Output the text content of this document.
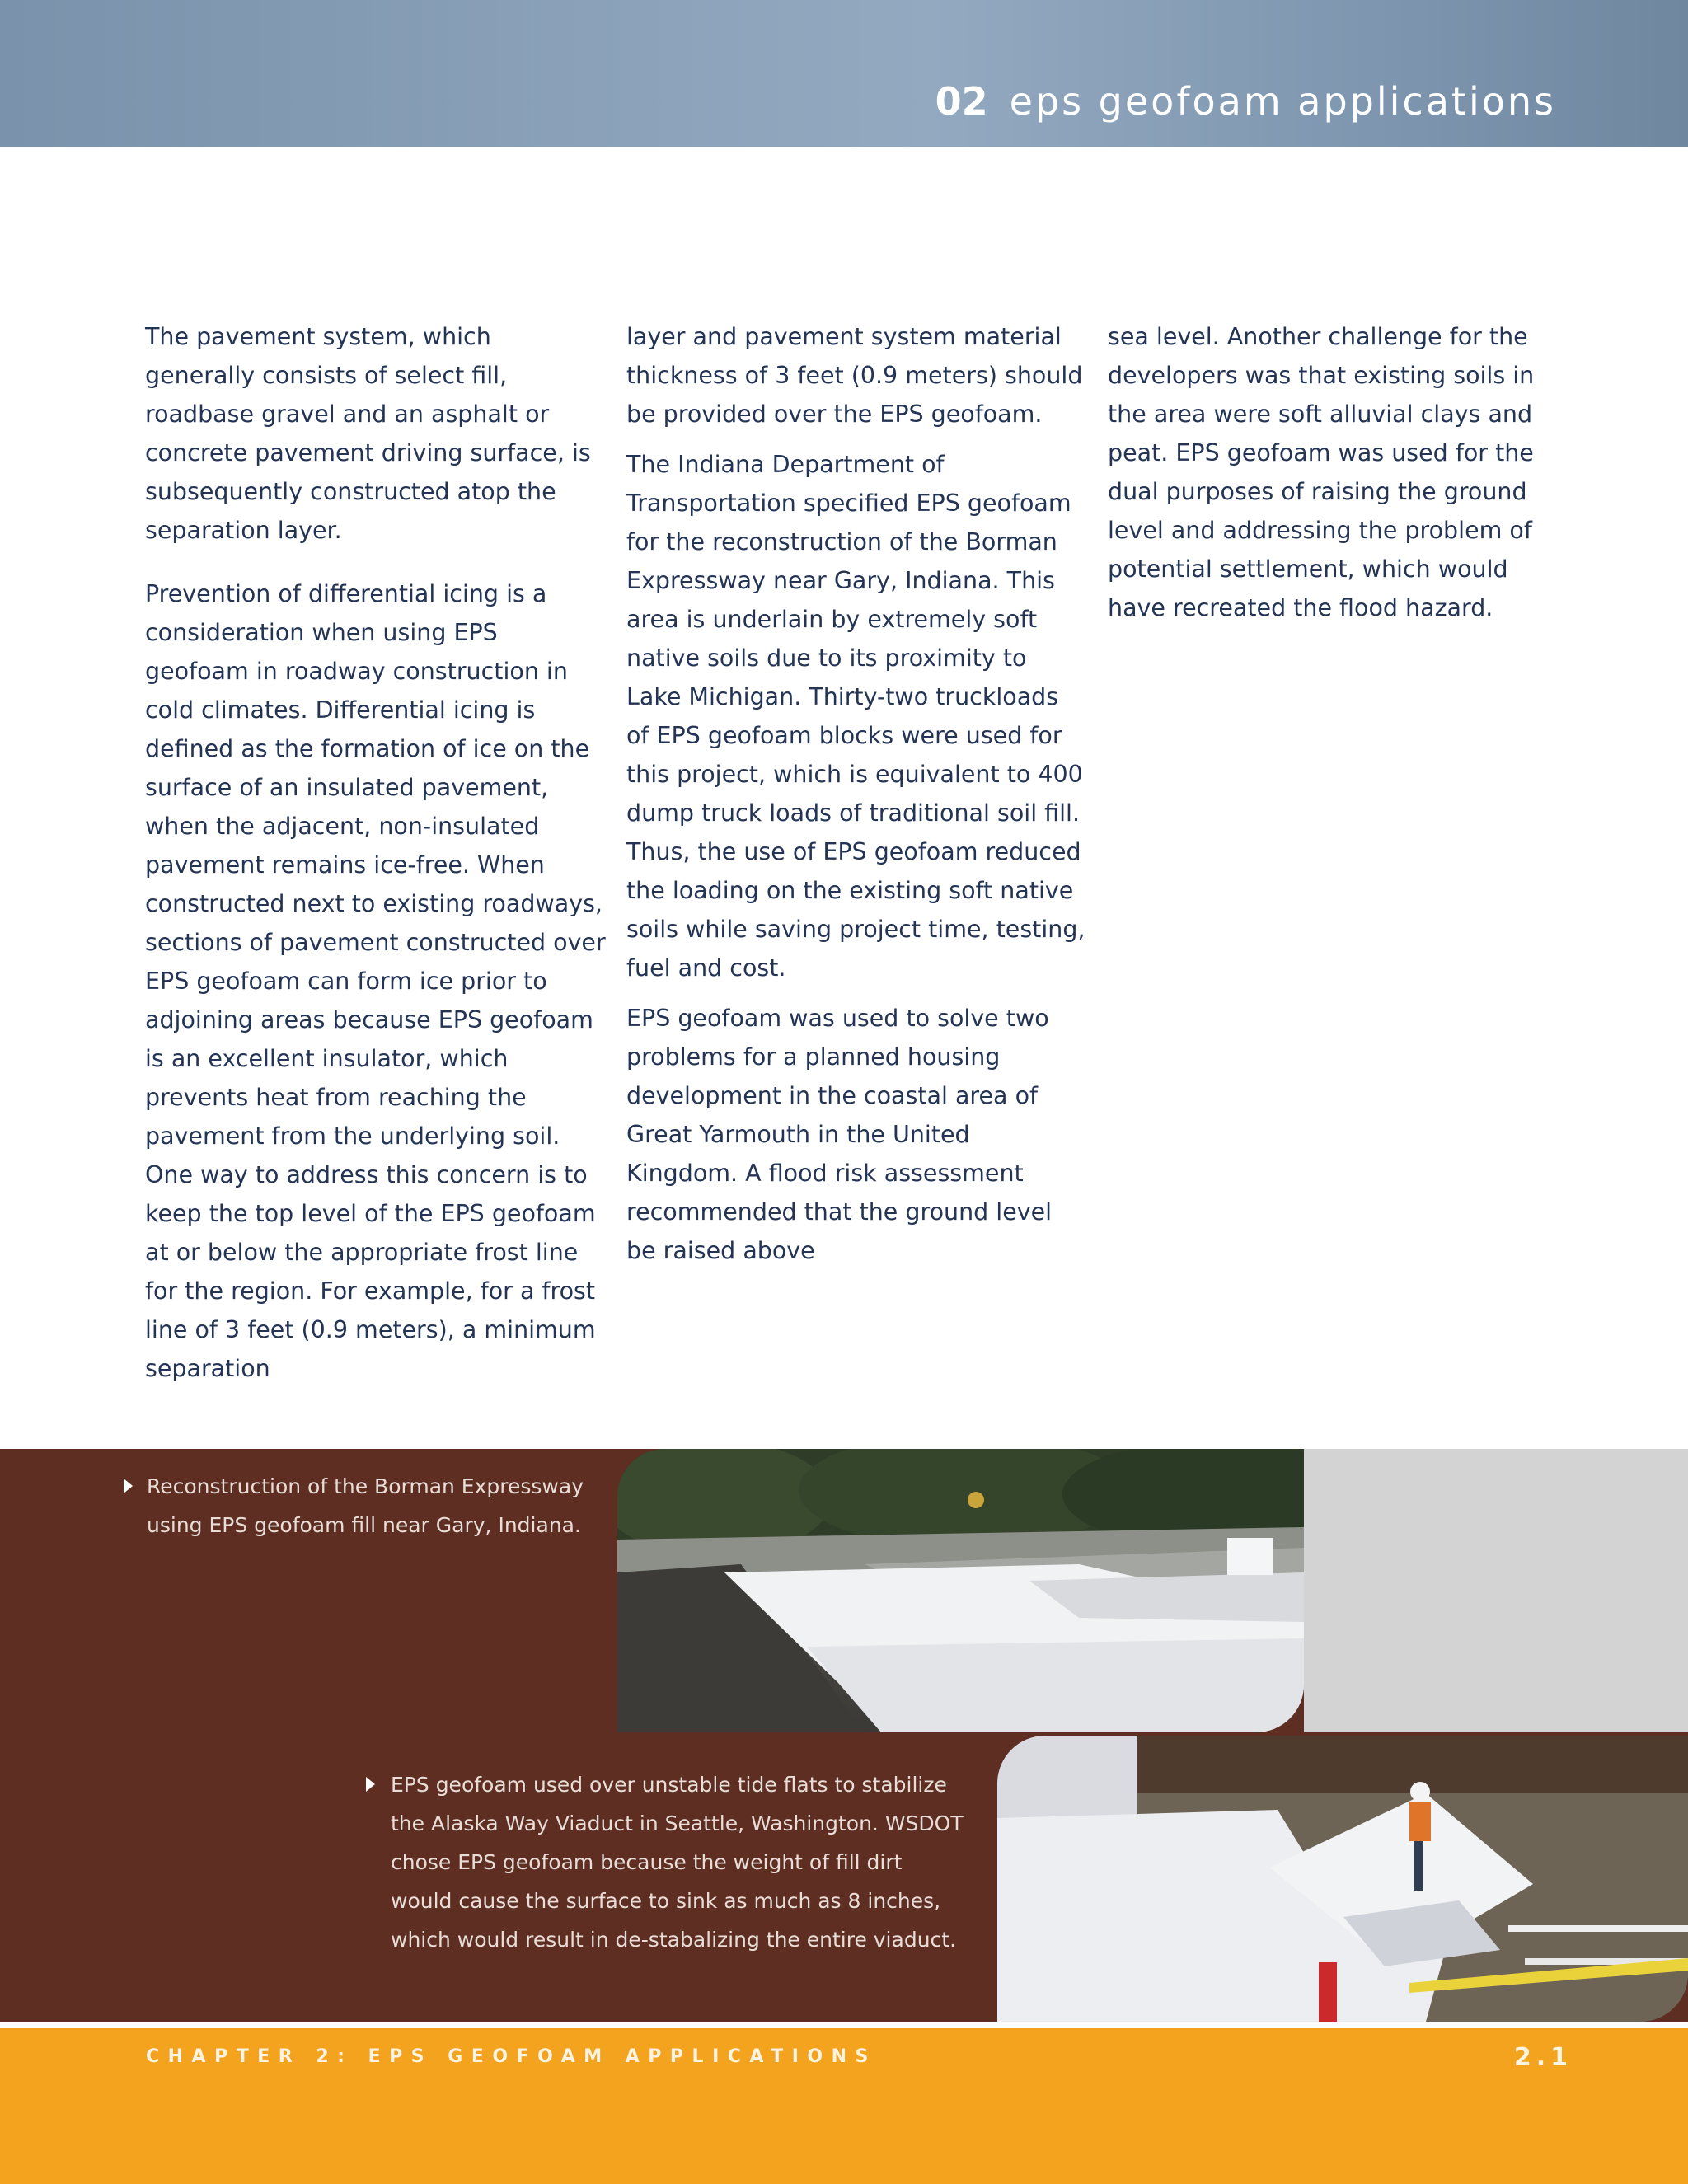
02 eps geofoam applications

The pavement system, which generally consists of select fill, roadbase gravel and an asphalt or concrete pavement driving surface, is subsequently constructed atop the separation layer.

Prevention of differential icing is a consideration when using EPS geofoam in roadway construction in cold climates. Differential icing is defined as the formation of ice on the surface of an insulated pavement, when the adjacent, non-insulated pavement remains ice-free. When constructed next to existing roadways, sections of pavement constructed over EPS geofoam can form ice prior to adjoining areas because EPS geofoam is an excellent insulator, which prevents heat from reaching the pavement from the underlying soil. One way to address this concern is to keep the top level of the EPS geofoam at or below the appropriate frost line for the region. For example, for a frost line of 3 feet (0.9 meters), a minimum separation

layer and pavement system material thickness of 3 feet (0.9 meters) should be provided over the EPS geofoam.

The Indiana Department of Transportation specified EPS geofoam for the reconstruction of the Borman Expressway near Gary, Indiana. This area is underlain by extremely soft native soils due to its proximity to Lake Michigan. Thirty-two truckloads of EPS geofoam blocks were used for this project, which is equivalent to 400 dump truck loads of traditional soil fill. Thus, the use of EPS geofoam reduced the loading on the existing soft native soils while saving project time, testing, fuel and cost.

EPS geofoam was used to solve two problems for a planned housing development in the coastal area of Great Yarmouth in the United Kingdom. A flood risk assessment recommended that the ground level be raised above

sea level. Another challenge for the developers was that existing soils in the area were soft alluvial clays and peat. EPS geofoam was used for the dual purposes of raising the ground level and addressing the problem of potential settlement, which would have recreated the flood hazard.

Reconstruction of the Borman Expressway using EPS geofoam fill near Gary, Indiana.
EPS geofoam used over unstable tide flats to stabilize the Alaska Way Viaduct in Seattle, Washington. WSDOT chose EPS geofoam because the weight of fill dirt would cause the surface to sink as much as 8 inches, which would result in de-stabalizing the entire viaduct.
CHAPTER 2: EPS GEOFOAM APPLICATIONS	2.1
